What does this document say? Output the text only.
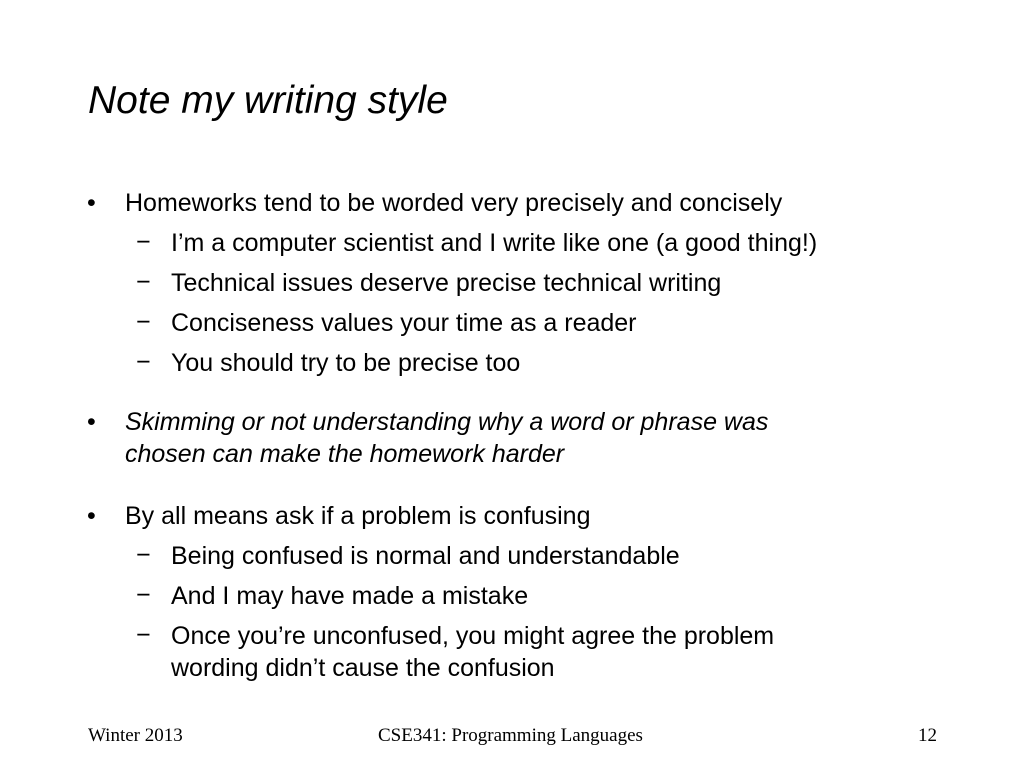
Note my writing style
• Homeworks tend to be worded very precisely and concisely
− I’m a computer scientist and I write like one (a good thing!)
− Technical issues deserve precise technical writing
− Conciseness values your time as a reader
− You should try to be precise too
• Skimming or not understanding why a word or phrase was
chosen can make the homework harder
• By all means ask if a problem is confusing
− Being confused is normal and understandable
− And I may have made a mistake
− Once you’re unconfused, you might agree the problem
wording didn’t cause the confusion
Winter 2013	CSE341: Programming Languages	12
